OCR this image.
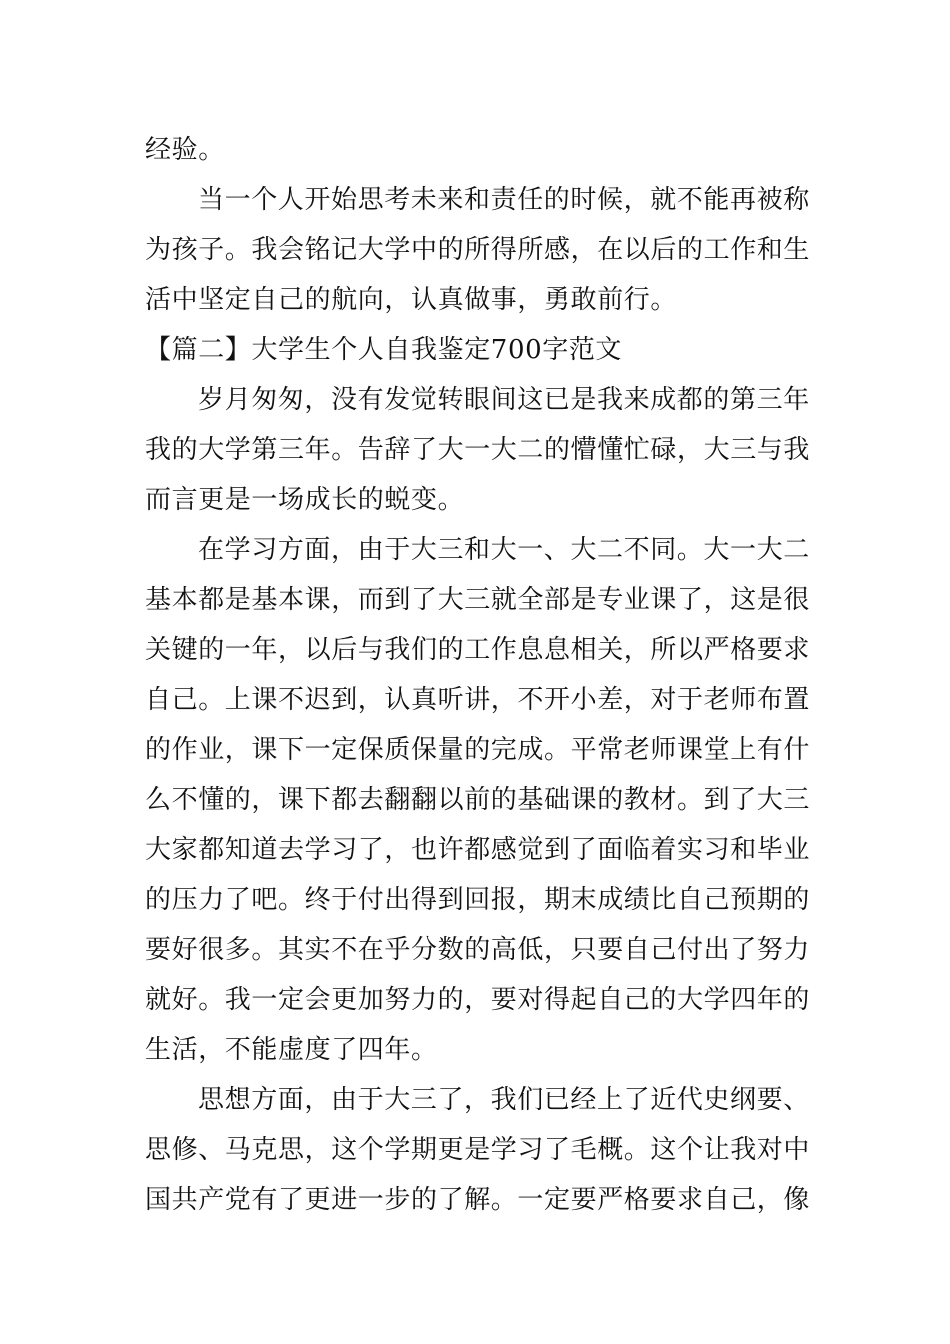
经验。
当一个人开始思考未来和责任的时候，就不能再被称
为孩子。我会铭记大学中的所得所感，在以后的工作和生
活中坚定自己的航向，认真做事，勇敢前行。
【篇二】大学生个人自我鉴定700字范文
岁月匆匆，没有发觉转眼间这已是我来成都的第三年
我的大学第三年。告辞了大一大二的懵懂忙碌，大三与我
而言更是一场成长的蜕变。
在学习方面，由于大三和大一、大二不同。大一大二
基本都是基本课，而到了大三就全部是专业课了，这是很
关键的一年，以后与我们的工作息息相关，所以严格要求
自己。上课不迟到，认真听讲，不开小差，对于老师布置
的作业，课下一定保质保量的完成。平常老师课堂上有什
么不懂的，课下都去翻翻以前的基础课的教材。到了大三
大家都知道去学习了，也许都感觉到了面临着实习和毕业
的压力了吧。终于付出得到回报，期末成绩比自己预期的
要好很多。其实不在乎分数的高低，只要自己付出了努力
就好。我一定会更加努力的，要对得起自己的大学四年的
生活，不能虚度了四年。
思想方面，由于大三了，我们已经上了近代史纲要、
思修、马克思，这个学期更是学习了毛概。这个让我对中
国共产党有了更进一步的了解。一定要严格要求自己，像
